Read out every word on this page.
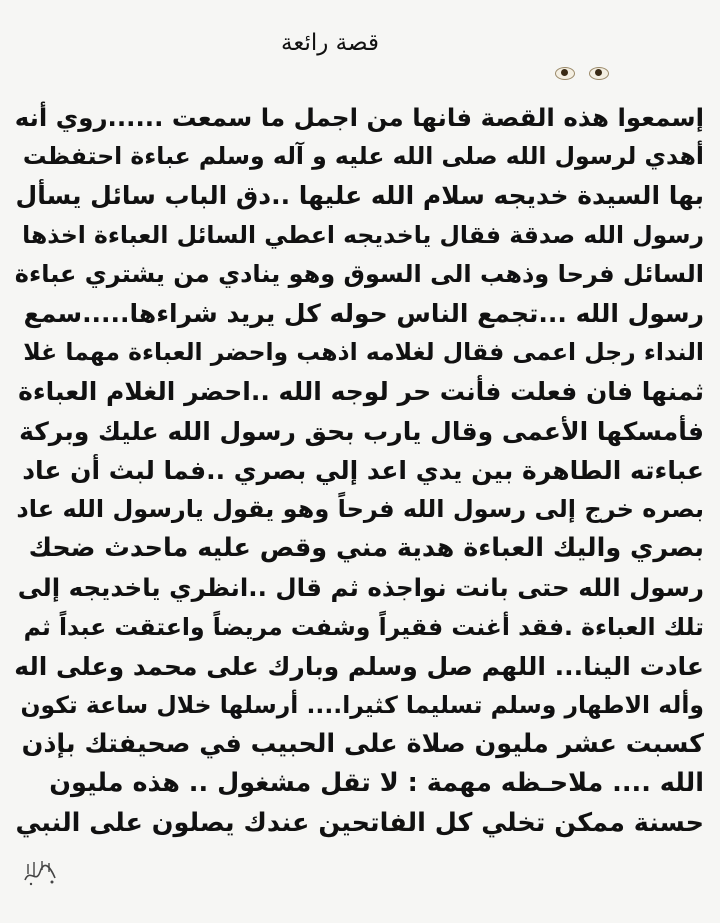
قصة رائعة
إسمعوا هذه القصة فانها من اجمل ما سمعت ......روي أنه
أهدي لرسول الله صلى الله عليه و آله وسلم عباءة احتفظت
بها السيدة خديجه سلام الله عليها ..دق الباب سائل يسأل
رسول الله صدقة فقال ياخديجه اعطي السائل العباءة اخذها
السائل فرحا وذهب الى السوق وهو ينادي من يشتري عباءة
رسول الله ...تجمع الناس حوله كل يريد شراءها.....سمع
النداء رجل اعمى فقال لغلامه اذهب واحضر العباءة مهما غلا
ثمنها فان فعلت فأنت حر لوجه الله ..احضر الغلام العباءة
فأمسكها الأعمى وقال يارب بحق رسول الله عليك وبركة
عباءته الطاهرة بين يدي اعد إلي بصري ..فما لبث أن عاد
بصره خرج إلى رسول الله فرحاً وهو يقول يارسول الله عاد
بصري واليك العباءة هدية مني وقص عليه ماحدث ضحك
رسول الله حتى بانت نواجذه ثم قال ..انظري ياخديجه إلى
تلك العباءة .فقد أغنت فقيراً وشفت مريضاً واعتقت عبداً ثم
عادت الينا... اللهم صل وسلم وبارك على محمد وعلى اله
وأله الاطهار وسلم تسليما كثيرا.... أرسلها خلال ساعة تكون
كسبت عشر مليون صلاة على الحبيب في صحيفتك بإذن
الله .... ملاحـظه مهمة : لا تقل مشغول .. هذه مليون
حسنة ممكن تخلي كل الفاتحين عندك يصلون على النبي
